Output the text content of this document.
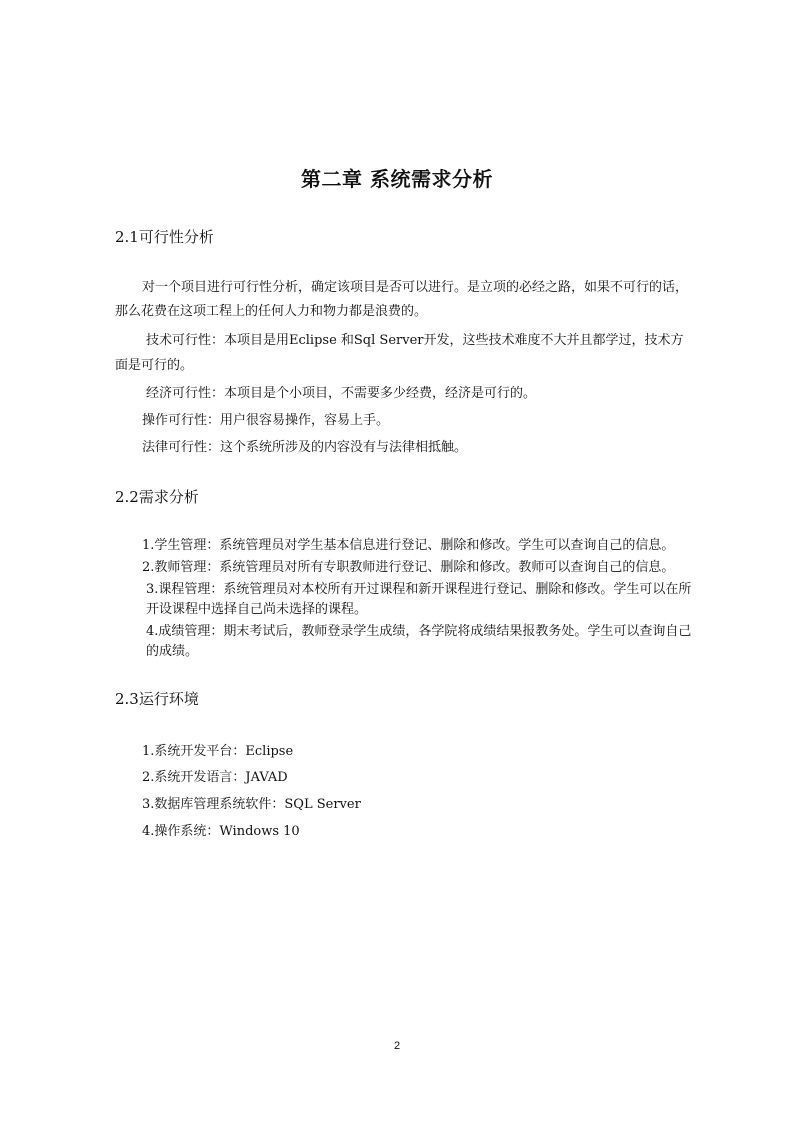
第二章 系统需求分析
2.1可行性分析
对一个项目进行可行性分析，确定该项目是否可以进行。是立项的必经之路，如果不可行的话，
那么花费在这项工程上的任何人力和物力都是浪费的。
技术可行性：本项目是用Eclipse 和Sql Server开发，这些技术难度不大并且都学过，技术方
面是可行的。
经济可行性：本项目是个小项目，不需要多少经费，经济是可行的。
操作可行性：用户很容易操作，容易上手。
法律可行性：这个系统所涉及的内容没有与法律相抵触。
2.2需求分析
1.学生管理：系统管理员对学生基本信息进行登记、删除和修改。学生可以查询自己的信息。
2.教师管理：系统管理员对所有专职教师进行登记、删除和修改。教师可以查询自己的信息。
3.课程管理：系统管理员对本校所有开过课程和新开课程进行登记、删除和修改。学生可以在所
开设课程中选择自己尚未选择的课程。
4.成绩管理：期末考试后，教师登录学生成绩，各学院将成绩结果报教务处。学生可以查询自己
的成绩。
2.3运行环境
1.系统开发平台：Eclipse
2.系统开发语言：JAVAD
3.数据库管理系统软件：SQL Server
4.操作系统：Windows 10
2
